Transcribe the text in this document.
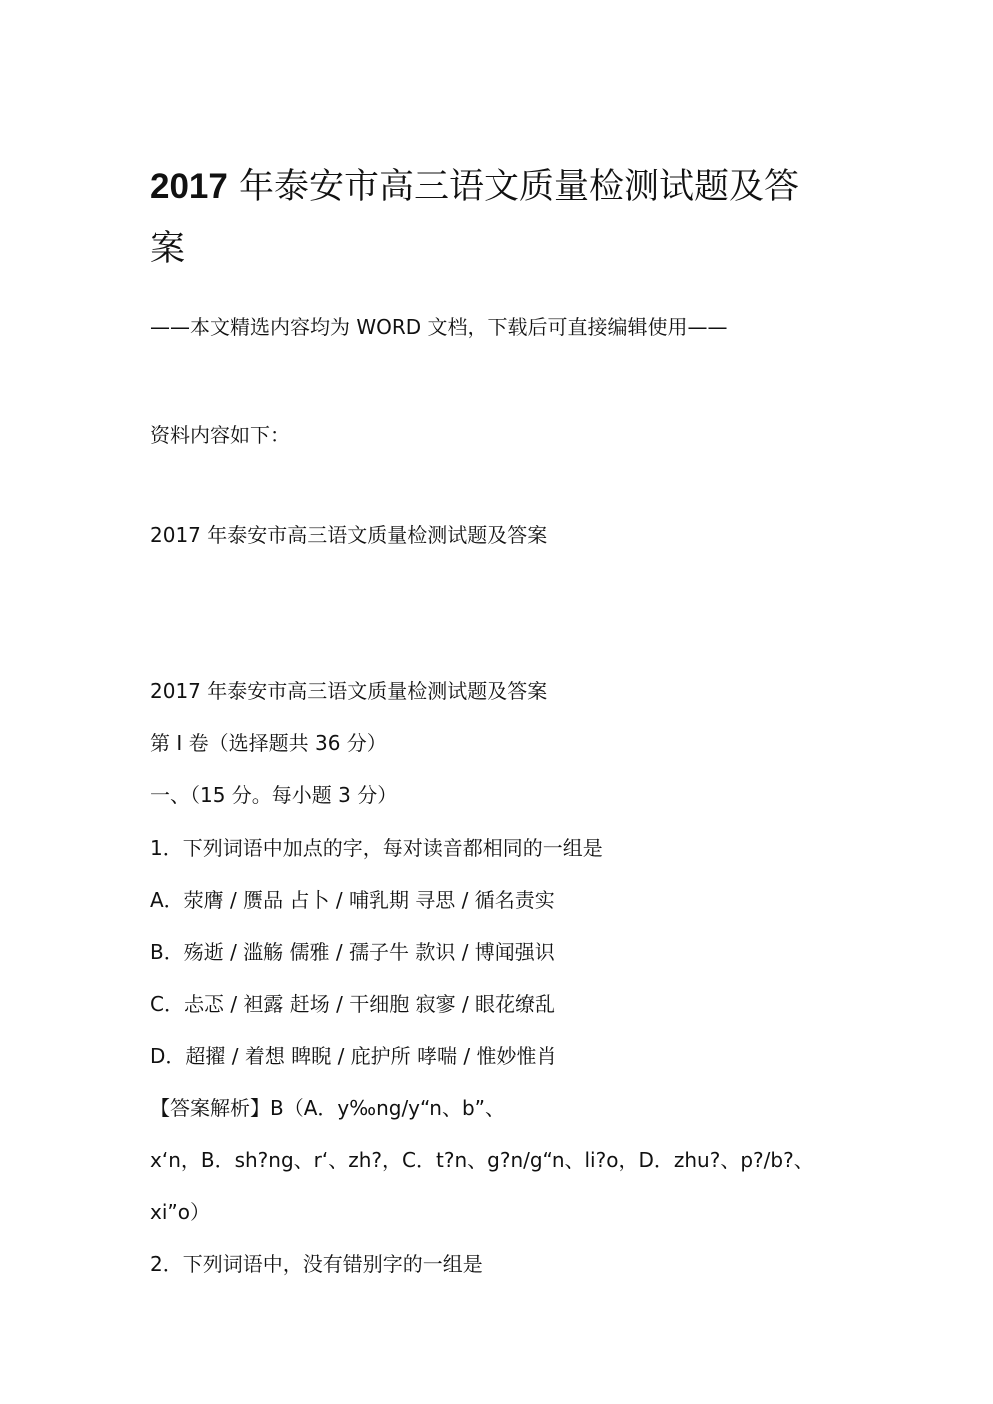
2017 年泰安市高三语文质量检测试题及答
案
——本文精选内容均为 WORD 文档，下载后可直接编辑使用——
资料内容如下：
2017 年泰安市高三语文质量检测试题及答案
2017 年泰安市高三语文质量检测试题及答案
第 I 卷（选择题共 36 分）
一、（15 分。每小题 3 分）
1．下列词语中加点的字，每对读音都相同的一组是
A．荥膺 / 赝品 占卜 / 哺乳期 寻思 / 循名责实
B．殇逝 / 滥觞 儒雅 / 孺子牛 款识 / 博闻强识
C．忐忑 / 袒露 赶场 / 干细胞 寂寥 / 眼花缭乱
D．超擢 / 着想 睥睨 / 庇护所 哮喘 / 惟妙惟肖
【答案解析】B（A．y‰ng/y“n、b”、
x‘n，B．sh?ng、r‘、zh?，C．t?n、g?n/g“n、li?o，D．zhu?、p?/b?、
xi”o）
2．下列词语中，没有错别字的一组是
